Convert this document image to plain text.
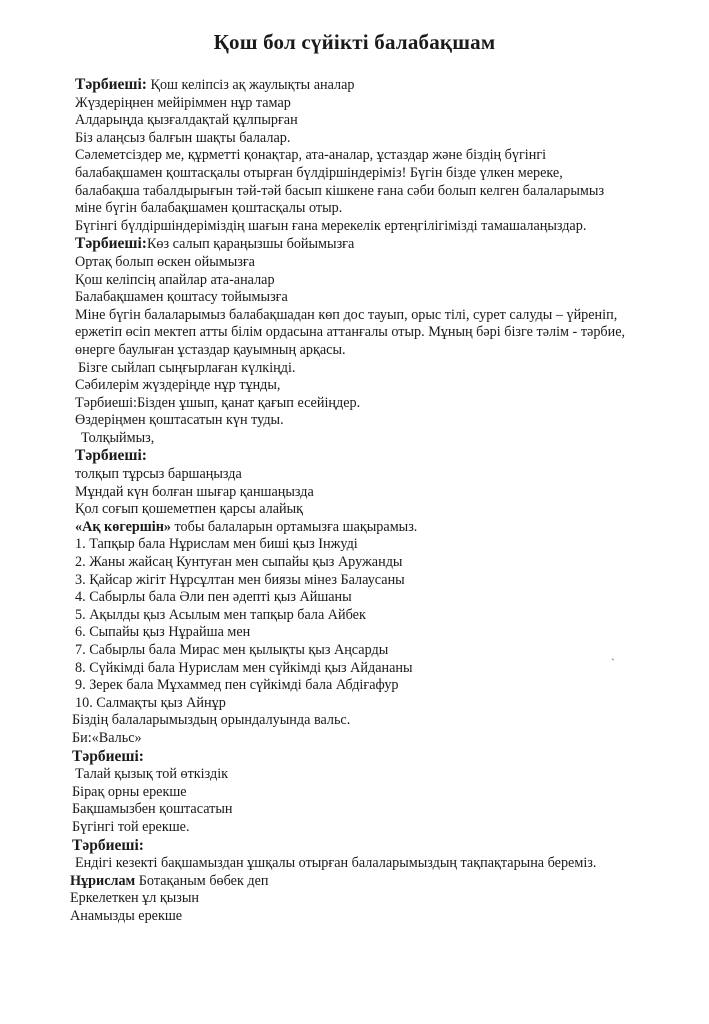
Қош бол сүйікті балабақшам
Тәрбиеші: Қош келіпсіз ақ жаулықты аналар
Жүздеріңнен мейіріммен нұр тамар
Алдарыңда қызғалдақтай құлпырған
Біз алаңсыз балғын шақты балалар.
Сәлеметсіздер ме, құрметті қонақтар, ата-аналар, ұстаздар және біздің бүгінгі
балабақшамен қоштасқалы отырған бүлдіршіндеріміз! Бүгін бізде үлкен мереке,
балабақша табалдырығын тәй-тәй басып кішкене ғана сәби болып келген балаларымыз
міне бүгін балабақшамен қоштасқалы отыр.
Бүгінгі бүлдіршіндеріміздің шағын ғана мерекелік ертеңгілігімізді тамашалаңыздар.
Тәрбиеші:Көз салып қараңызшы бойымызға
Ортақ болып өскен ойымызға
Қош келіпсің апайлар ата-аналар
Балабақшамен қоштасу тойымызға
Міне бүгін балаларымыз балабақшадан көп дос тауып, орыс тілі, сурет салуды – үйреніп,
ержетіп өсіп мектеп атты білім ордасына аттанғалы отыр. Мұның бәрі бізге тәлім - тәрбие,
өнерге баулыған ұстаздар қауымның арқасы.
Бізге сыйлап сыңғырлаған күлкіңді.
Сәбилерім жүздеріңде нұр тұнды,
Тәрбиеші:Бізден ұшып, қанат қағып есейіңдер.
Өздеріңмен қоштасатын күн туды.
Толқыймыз,
Тәрбиеші:
толқып тұрсыз баршаңызда
Мұндай күн болған шығар қаншаңызда
Қол соғып қошеметпен қарсы алайық
«Ақ көгершін» тобы балаларын ортамызға шақырамыз.
1. Тапқыр бала Нұрислам мен биші қыз Інжуді
2. Жаны жайсаң Кунтуған мен сыпайы қыз Аружанды
3. Қайсар жігіт Нұрсұлтан мен биязы мінез Балаусаны
4. Сабырлы бала Әли пен әдепті қыз Айшаны
5. Ақылды қыз Асылым мен тапқыр бала Айбек
6. Сыпайы қыз Нұрайша мен
7. Сабырлы бала Мирас мен қылықты қыз Аңсарды
8. Сүйкімді бала Нурислам мен сүйкімді қыз Айдананы
9. Зерек бала Мұхаммед пен сүйкімді бала Абдіғафур
10. Салмақты қыз Айнұр
Біздің балаларымыздың орындалуында вальс.
Би:«Вальс»
Тәрбиеші:
Талай қызық той өткіздік
Бірақ орны ерекше
Бақшамызбен қоштасатын
Бүгінгі той ерекше.
Тәрбиеші:
Ендігі кезекті бақшамыздан ұшқалы отырған балаларымыздың тақпақтарына береміз.
Нұрислам Ботақаным бөбек деп
Еркелеткен ұл қызын
Анамызды ерекше
`
